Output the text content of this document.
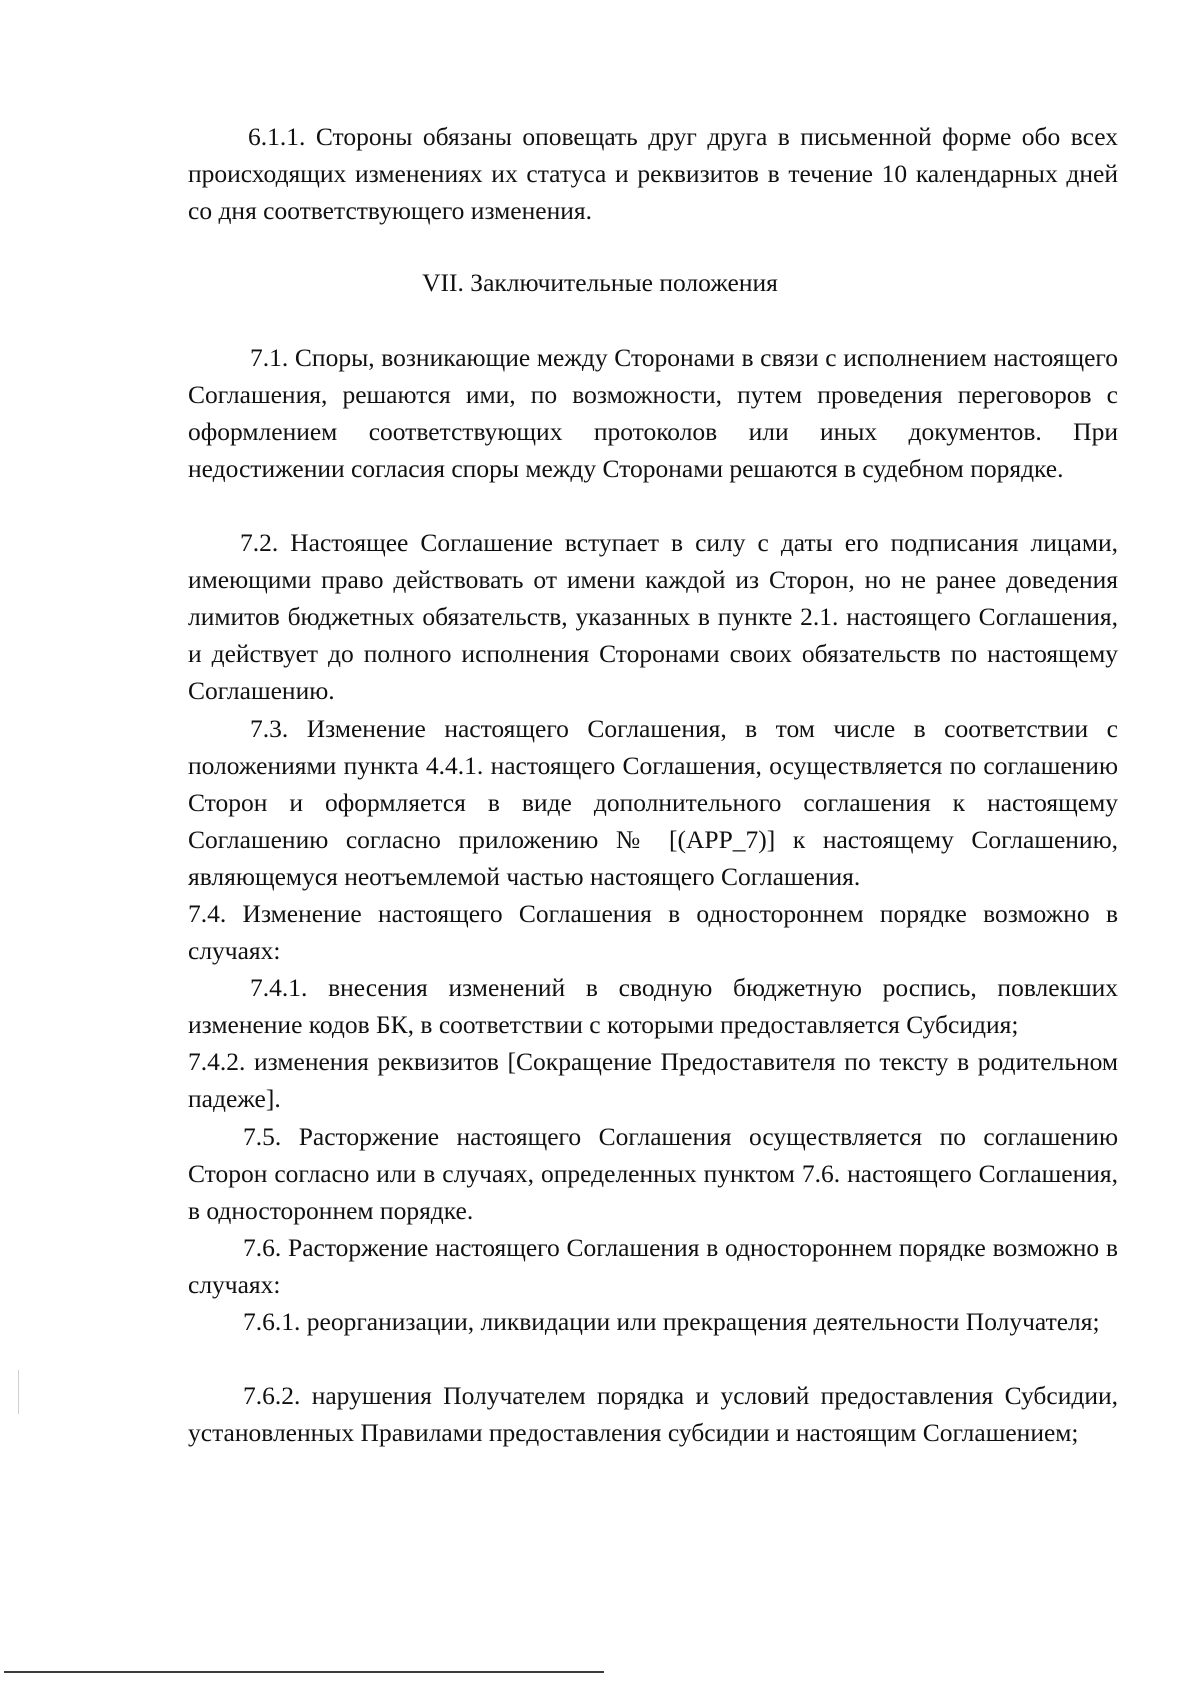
6.1.1. Стороны обязаны оповещать друг друга в письменной форме обо всех происходящих изменениях их статуса и реквизитов в течение 10 календарных дней со дня соответствующего изменения.

VII. Заключительные положения

7.1. Споры, возникающие между Сторонами в связи с исполнением настоящего Соглашения, решаются ими, по возможности, путем проведения переговоров с оформлением соответствующих протоколов или иных документов. При недостижении согласия споры между Сторонами решаются в судебном порядке.

7.2. Настоящее Соглашение вступает в силу с даты его подписания лицами, имеющими право действовать от имени каждой из Сторон, но не ранее доведения лимитов бюджетных обязательств, указанных в пункте 2.1. настоящего Соглашения, и действует до полного исполнения Сторонами своих обязательств по настоящему Соглашению.

7.3. Изменение настоящего Соглашения, в том числе в соответствии с положениями пункта 4.4.1. настоящего Соглашения, осуществляется по соглашению Сторон и оформляется в виде дополнительного соглашения к настоящему Соглашению согласно приложению № [(APP_7)] к настоящему Соглашению, являющемуся неотъемлемой частью настоящего Соглашения.

7.4. Изменение настоящего Соглашения в одностороннем порядке возможно в случаях:

7.4.1. внесения изменений в сводную бюджетную роспись, повлекших изменение кодов БК, в соответствии с которыми предоставляется Субсидия;

7.4.2. изменения реквизитов [Сокращение Предоставителя по тексту в родительном падеже].

7.5. Расторжение настоящего Соглашения осуществляется по соглашению Сторон согласно или в случаях, определенных пунктом 7.6. настоящего Соглашения, в одностороннем порядке.

7.6. Расторжение настоящего Соглашения в одностороннем порядке возможно в случаях:

7.6.1. реорганизации, ликвидации или прекращения деятельности Получателя;

7.6.2. нарушения Получателем порядка и условий предоставления Субсидии, установленных Правилами предоставления субсидии и настоящим Соглашением;
